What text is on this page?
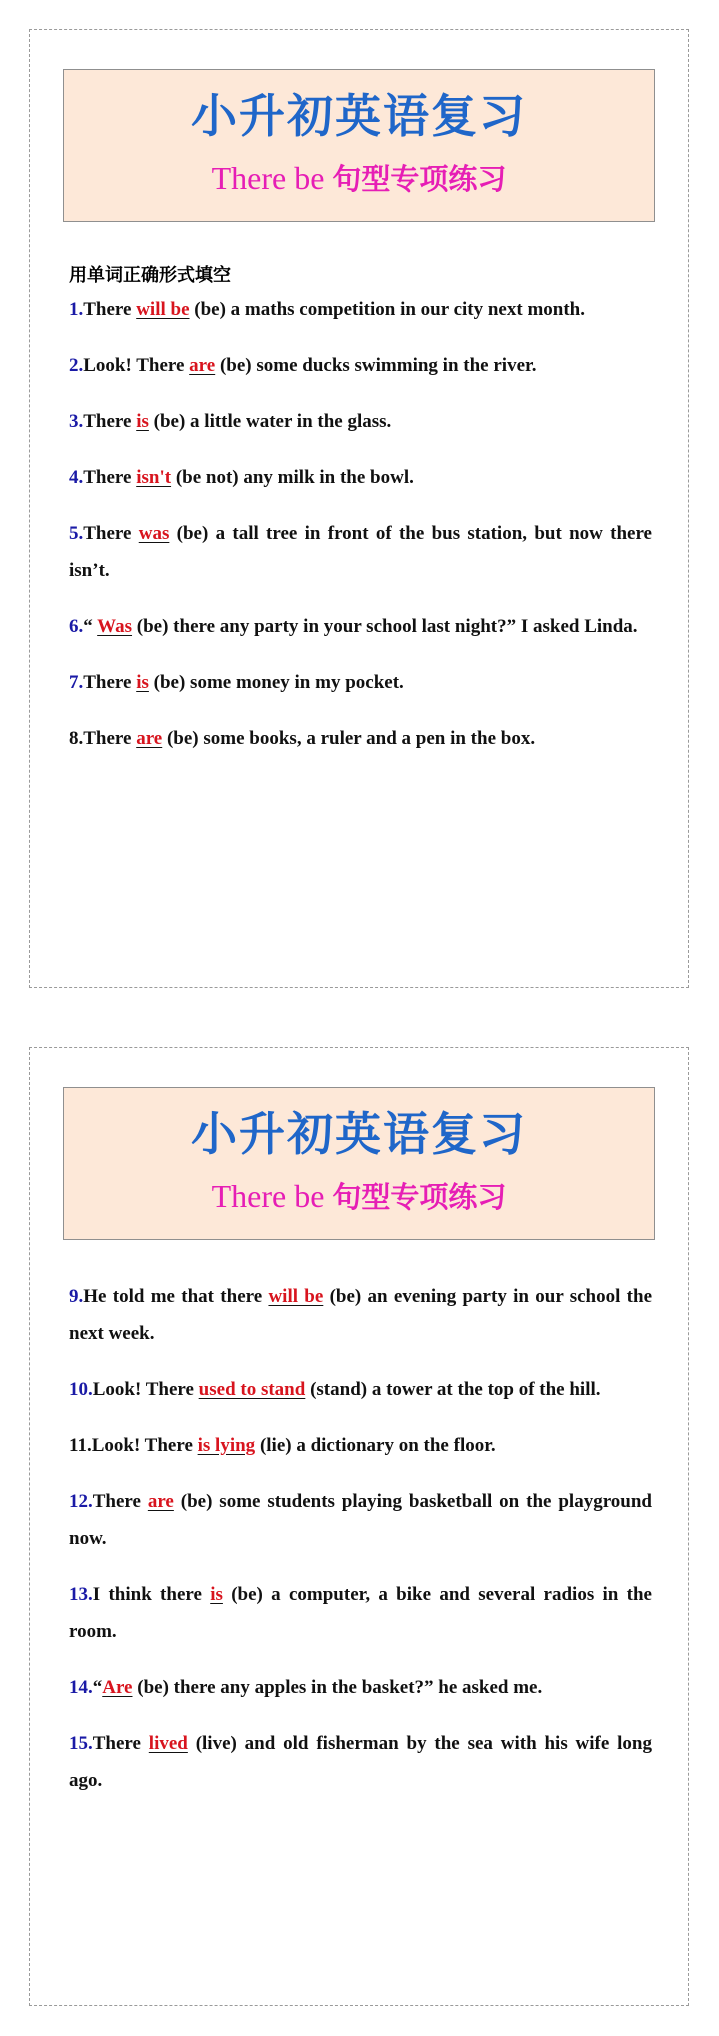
小升初英语复习
There be 句型专项练习
用单词正确形式填空
1.There will be (be) a maths competition in our city next month.
2.Look! There are (be) some ducks swimming in the river.
3.There is (be) a little water in the glass.
4.There isn't (be not) any milk in the bowl.
5.There was (be) a tall tree in front of the bus station, but now there isn’t.
6.“ Was (be) there any party in your school last night?” I asked Linda.
7.There is (be) some money in my pocket.
8.There are (be) some books, a ruler and a pen in the box.
小升初英语复习
There be 句型专项练习
9.He told me that there will be (be) an evening party in our school the next week.
10.Look! There used to stand (stand) a tower at the top of the hill.
11.Look! There is lying (lie) a dictionary on the floor.
12.There are (be) some students playing basketball on the playground now.
13.I think there is (be) a computer, a bike and several radios in the room.
14.“Are (be) there any apples in the basket?” he asked me.
15.There lived (live) and old fisherman by the sea with his wife long ago.
